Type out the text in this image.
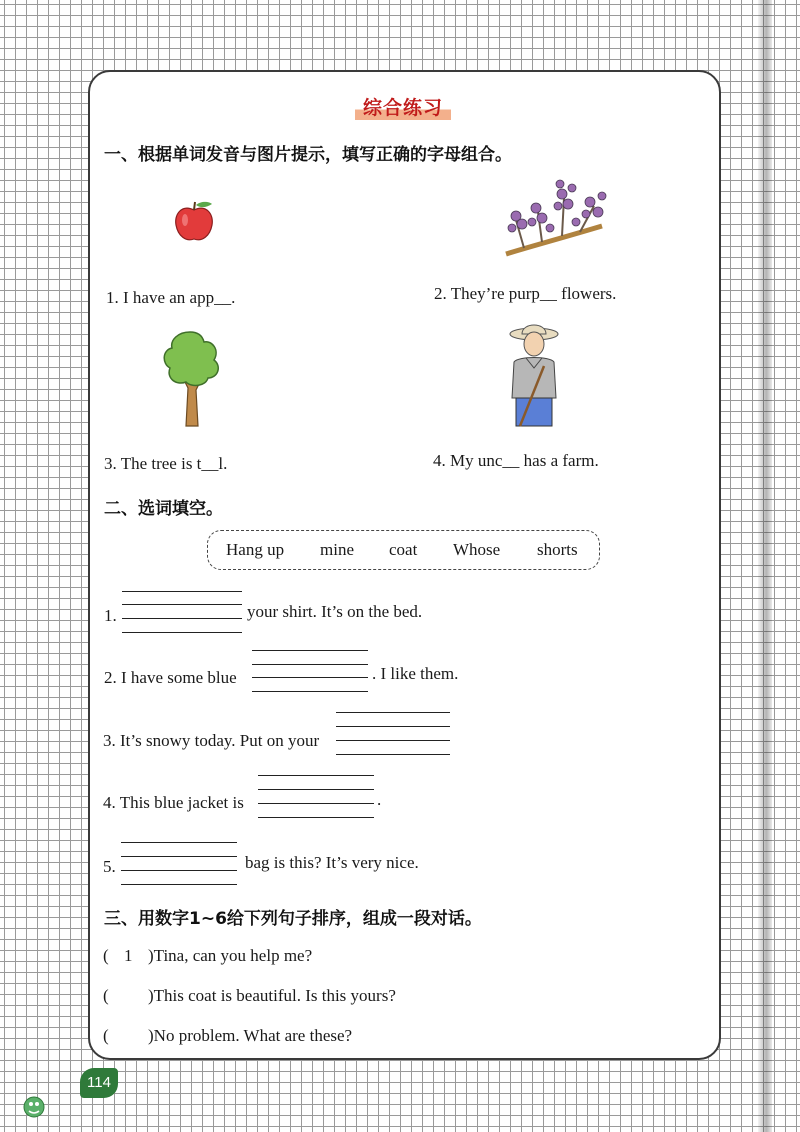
综合练习
一、根据单词发音与图片提示，填写正确的字母组合。
1. I have an app__.	2. They’re purp__ flowers.
3. The tree is t__l.	4. My unc__ has a farm.
二、选词填空。
Hang up mine coat Whose shorts
1.	your shirt. It’s on the bed.
2. I have some blue	. I like them.
3. It’s snowy today. Put on your
4. This blue jacket is	.
5.	bag is this? It’s very nice.
三、用数字1~6给下列句子排序，组成一段对话。
( 1 )Tina, can you help me?
( )This coat is beautiful. Is this yours?
( )No problem. What are these?
114
